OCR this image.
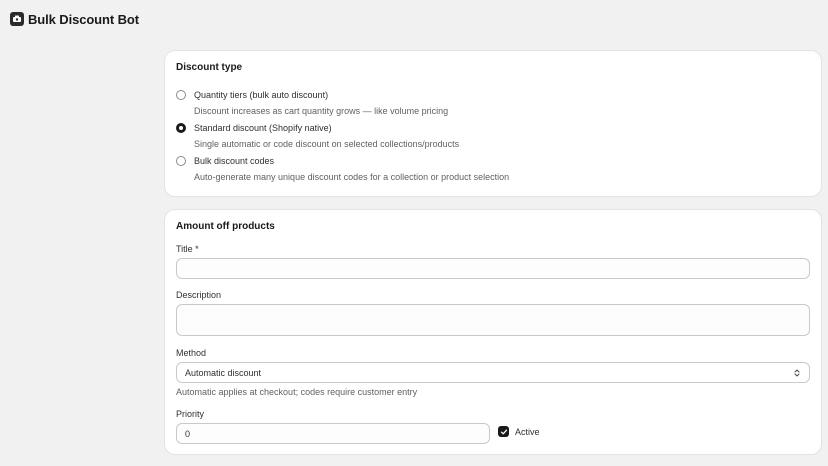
Bulk Discount Bot
Discount type
Quantity tiers (bulk auto discount)
Discount increases as cart quantity grows — like volume pricing
Standard discount (Shopify native)
Single automatic or code discount on selected collections/products
Bulk discount codes
Auto-generate many unique discount codes for a collection or product selection
Amount off products
Title *
Description
Method
Automatic discount
Automatic applies at checkout; codes require customer entry
Priority
0
Active
